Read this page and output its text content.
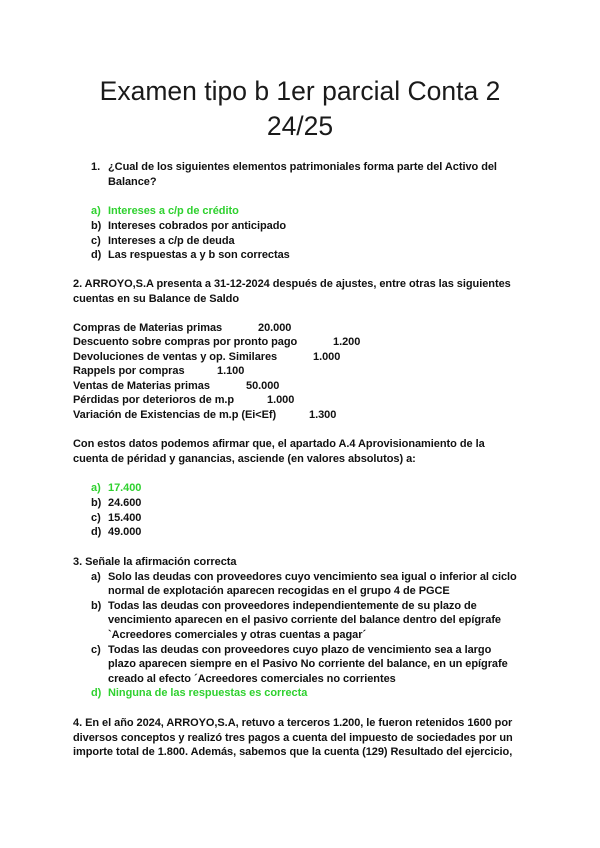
Examen tipo b 1er parcial Conta 2 24/25
1. ¿Cual de los siguientes elementos patrimoniales forma parte del Activo del
Balance?
a) Intereses a c/p de crédito
b) Intereses cobrados por anticipado
c) Intereses a c/p de deuda
d) Las respuestas a y b son correctas
2. ARROYO,S.A presenta a 31-12-2024 después de ajustes, entre otras las siguientes
cuentas en su Balance de Saldo
Compras de Materias primas	20.000
Descuento sobre compras por pronto pago	1.200
Devoluciones de ventas y op. Similares	1.000
Rappels por compras	1.100
Ventas de Materias primas	50.000
Pérdidas por deterioros de m.p	1.000
Variación de Existencias de m.p (Ei<Ef)	1.300
Con estos datos podemos afirmar que, el apartado A.4 Aprovisionamiento de la
cuenta de péridad y ganancias, asciende (en valores absolutos) a:
a) 17.400
b) 24.600
c) 15.400
d) 49.000
3. Señale la afirmación correcta
a) Solo las deudas con proveedores cuyo vencimiento sea igual o inferior al ciclo
normal de explotación aparecen recogidas en el grupo 4 de PGCE
b) Todas las deudas con proveedores independientemente de su plazo de
vencimiento aparecen en el pasivo corriente del balance dentro del epígrafe
`Acreedores comerciales y otras cuentas a pagar´
c) Todas las deudas con proveedores cuyo plazo de vencimiento sea a largo
plazo aparecen siempre en el Pasivo No corriente del balance, en un epígrafe
creado al efecto ´Acreedores comerciales no corrientes
d) Ninguna de las respuestas es correcta
4. En el año 2024, ARROYO,S.A, retuvo a terceros 1.200, le fueron retenidos 1600 por
diversos conceptos y realizó tres pagos a cuenta del impuesto de sociedades por un
importe total de 1.800. Además, sabemos que la cuenta (129) Resultado del ejercicio,
